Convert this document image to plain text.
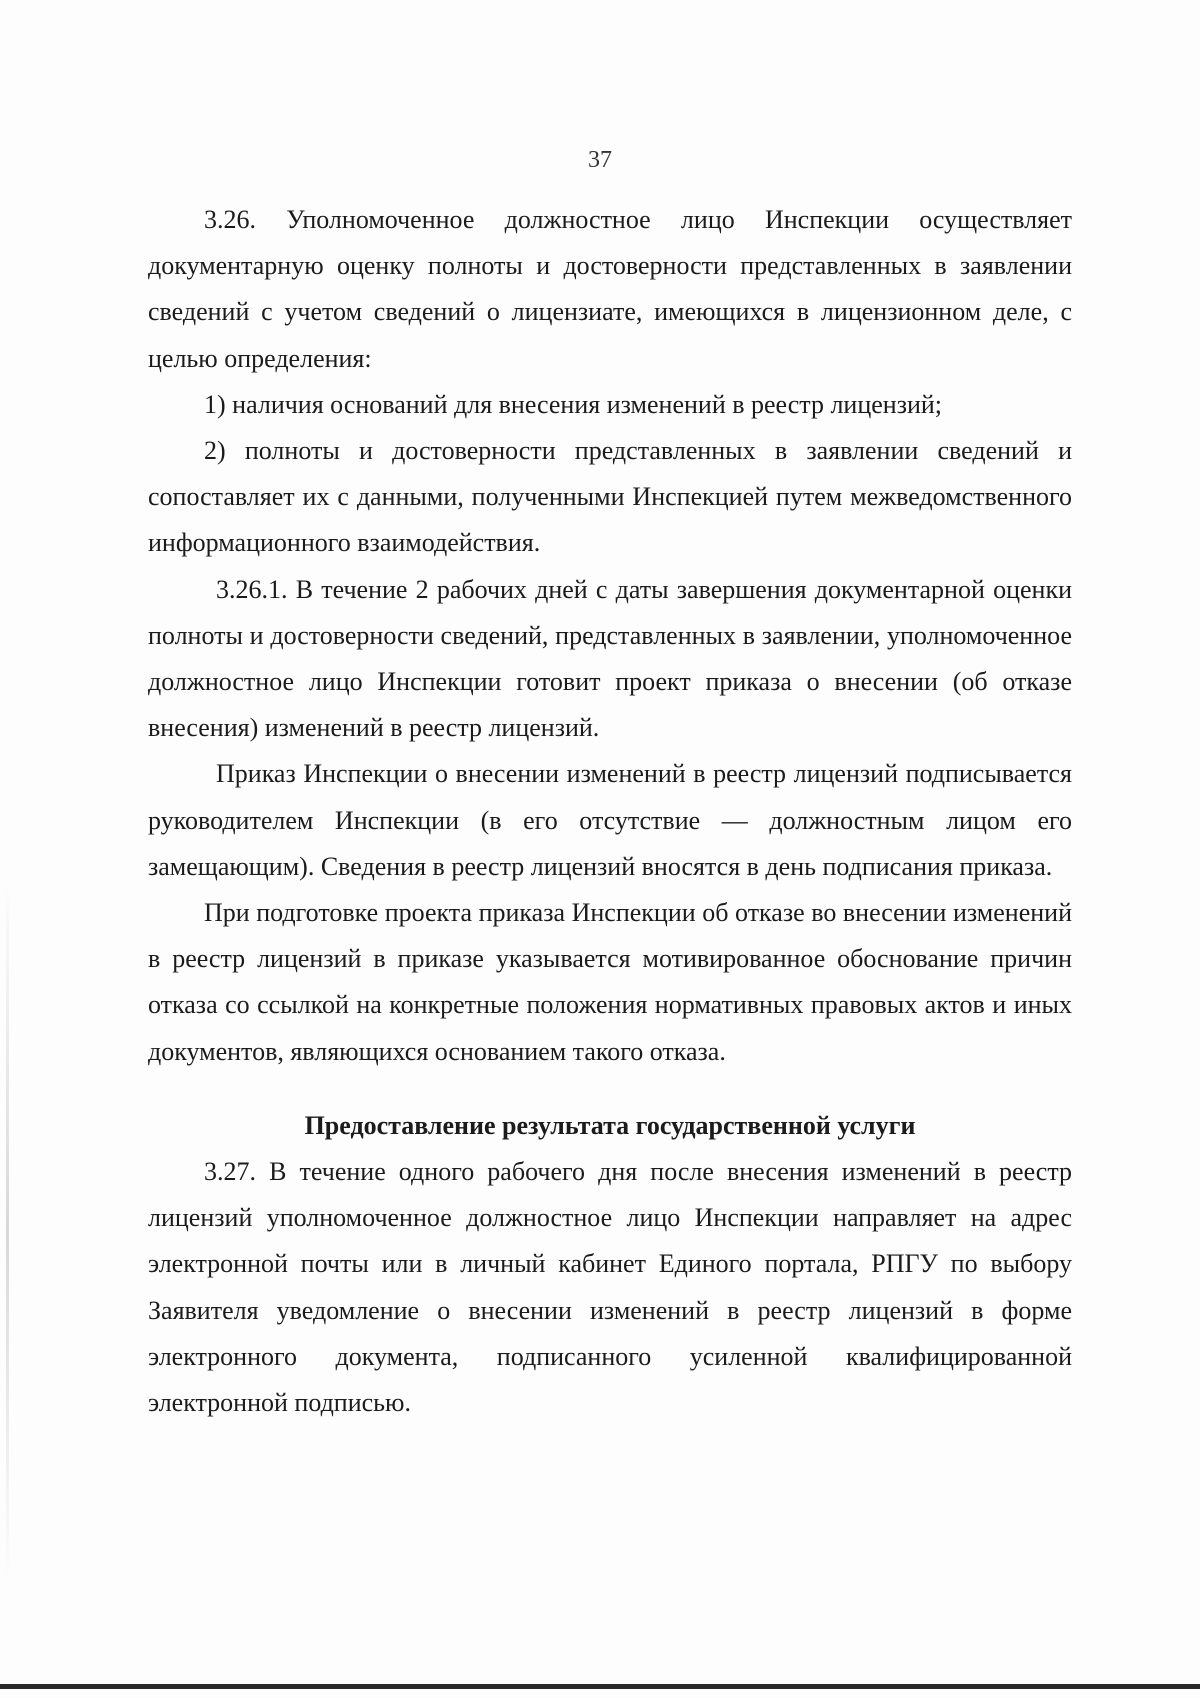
37

3.26. Уполномоченное должностное лицо Инспекции осуществляет документарную оценку полноты и достоверности представленных в заявлении сведений с учетом сведений о лицензиате, имеющихся в лицензионном деле, с целью определения:

1) наличия оснований для внесения изменений в реестр лицензий;

2) полноты и достоверности представленных в заявлении сведений и сопоставляет их с данными, полученными Инспекцией путем межведомственного информационного взаимодействия.

3.26.1. В течение 2 рабочих дней с даты завершения документарной оценки полноты и достоверности сведений, представленных в заявлении, уполномоченное должностное лицо Инспекции готовит проект приказа о внесении (об отказе внесения) изменений в реестр лицензий.

Приказ Инспекции о внесении изменений в реестр лицензий подписывается руководителем Инспекции (в его отсутствие — должностным лицом его замещающим). Сведения в реестр лицензий вносятся в день подписания приказа.

При подготовке проекта приказа Инспекции об отказе во внесении изменений в реестр лицензий в приказе указывается мотивированное обоснование причин отказа со ссылкой на конкретные положения нормативных правовых актов и иных документов, являющихся основанием такого отказа.

Предоставление результата государственной услуги

3.27. В течение одного рабочего дня после внесения изменений в реестр лицензий уполномоченное должностное лицо Инспекции направляет на адрес электронной почты или в личный кабинет Единого портала, РПГУ по выбору Заявителя уведомление о внесении изменений в реестр лицензий в форме электронного документа, подписанного усиленной квалифицированной электронной подписью.
